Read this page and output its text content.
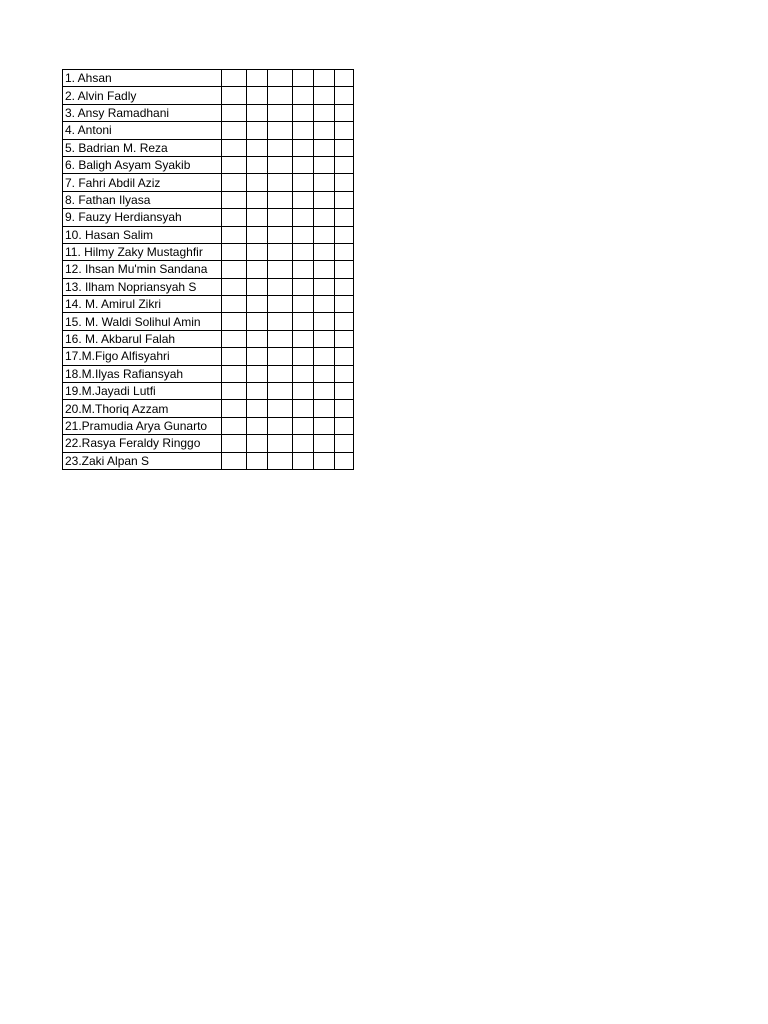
1. Ahsan						
2. Alvin Fadly						
3. Ansy Ramadhani						
4. Antoni						
5. Badrian M. Reza						
6. Baligh Asyam Syakib						
7. Fahri Abdil Aziz						
8. Fathan Ilyasa						
9. Fauzy Herdiansyah						
10. Hasan Salim						
11. Hilmy Zaky Mustaghfir						
12. Ihsan Mu'min Sandana						
13. Ilham Nopriansyah S						
14. M. Amirul Zikri						
15. M. Waldi Solihul Amin						
16. M. Akbarul Falah						
17.M.Figo Alfisyahri						
18.M.Ilyas Rafiansyah						
19.M.Jayadi Lutfi						
20.M.Thoriq Azzam						
21.Pramudia Arya Gunarto						
22.Rasya Feraldy Ringgo						
23.Zaki Alpan S						
